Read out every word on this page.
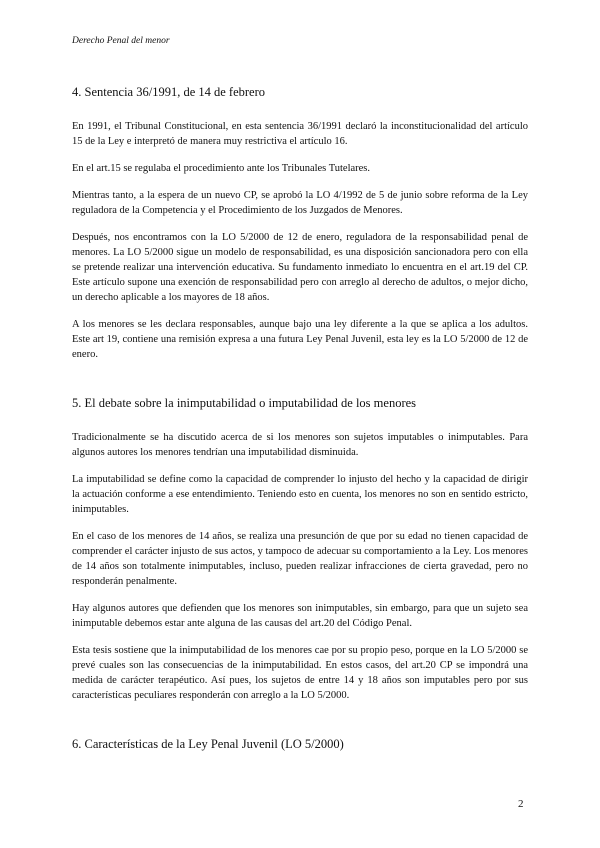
Derecho Penal del menor
4. Sentencia 36/1991, de 14 de febrero

En 1991, el Tribunal Constitucional, en esta sentencia 36/1991 declaró la inconstitucionalidad del artículo 15 de la Ley e interpretó de manera muy restrictiva el artículo 16.

En el art.15 se regulaba el procedimiento ante los Tribunales Tutelares.

Mientras tanto, a la espera de un nuevo CP, se aprobó la LO 4/1992 de 5 de junio sobre reforma de la Ley reguladora de la Competencia y el Procedimiento de los Juzgados de Menores.

Después, nos encontramos con la LO 5/2000 de 12 de enero, reguladora de la responsabilidad penal de menores. La LO 5/2000 sigue un modelo de responsabilidad, es una disposición sancionadora pero con ella se pretende realizar una intervención educativa. Su fundamento inmediato lo encuentra en el art.19 del CP. Este artículo supone una exención de responsabilidad pero con arreglo al derecho de adultos, o mejor dicho, un derecho aplicable a los mayores de 18 años.

A los menores se les declara responsables, aunque bajo una ley diferente a la que se aplica a los adultos. Este art 19, contiene una remisión expresa a una futura Ley Penal Juvenil, esta ley es la LO 5/2000 de 12 de enero.

5. El debate sobre la inimputabilidad o imputabilidad de los menores

Tradicionalmente se ha discutido acerca de si los menores son sujetos imputables o inimputables. Para algunos autores los menores tendrían una imputabilidad disminuida.

La imputabilidad se define como la capacidad de comprender lo injusto del hecho y la capacidad de dirigir la actuación conforme a ese entendimiento. Teniendo esto en cuenta, los menores no son en sentido estricto, inimputables.

En el caso de los menores de 14 años, se realiza una presunción de que por su edad no tienen capacidad de comprender el carácter injusto de sus actos, y tampoco de adecuar su comportamiento a la Ley. Los menores de 14 años son totalmente inimputables, incluso, pueden realizar infracciones de cierta gravedad, pero no responderán penalmente.

Hay algunos autores que defienden que los menores son inimputables, sin embargo, para que un sujeto sea inimputable debemos estar ante alguna de las causas del art.20 del Código Penal.

Esta tesis sostiene que la inimputabilidad de los menores cae por su propio peso, porque en la LO 5/2000 se prevé cuales son las consecuencias de la inimputabilidad. En estos casos, del art.20 CP se impondrá una medida de carácter terapéutico. Así pues, los sujetos de entre 14 y 18 años son imputables pero por sus características peculiares responderán con arreglo a la LO 5/2000.

6. Características de la Ley Penal Juvenil (LO 5/2000)
2
